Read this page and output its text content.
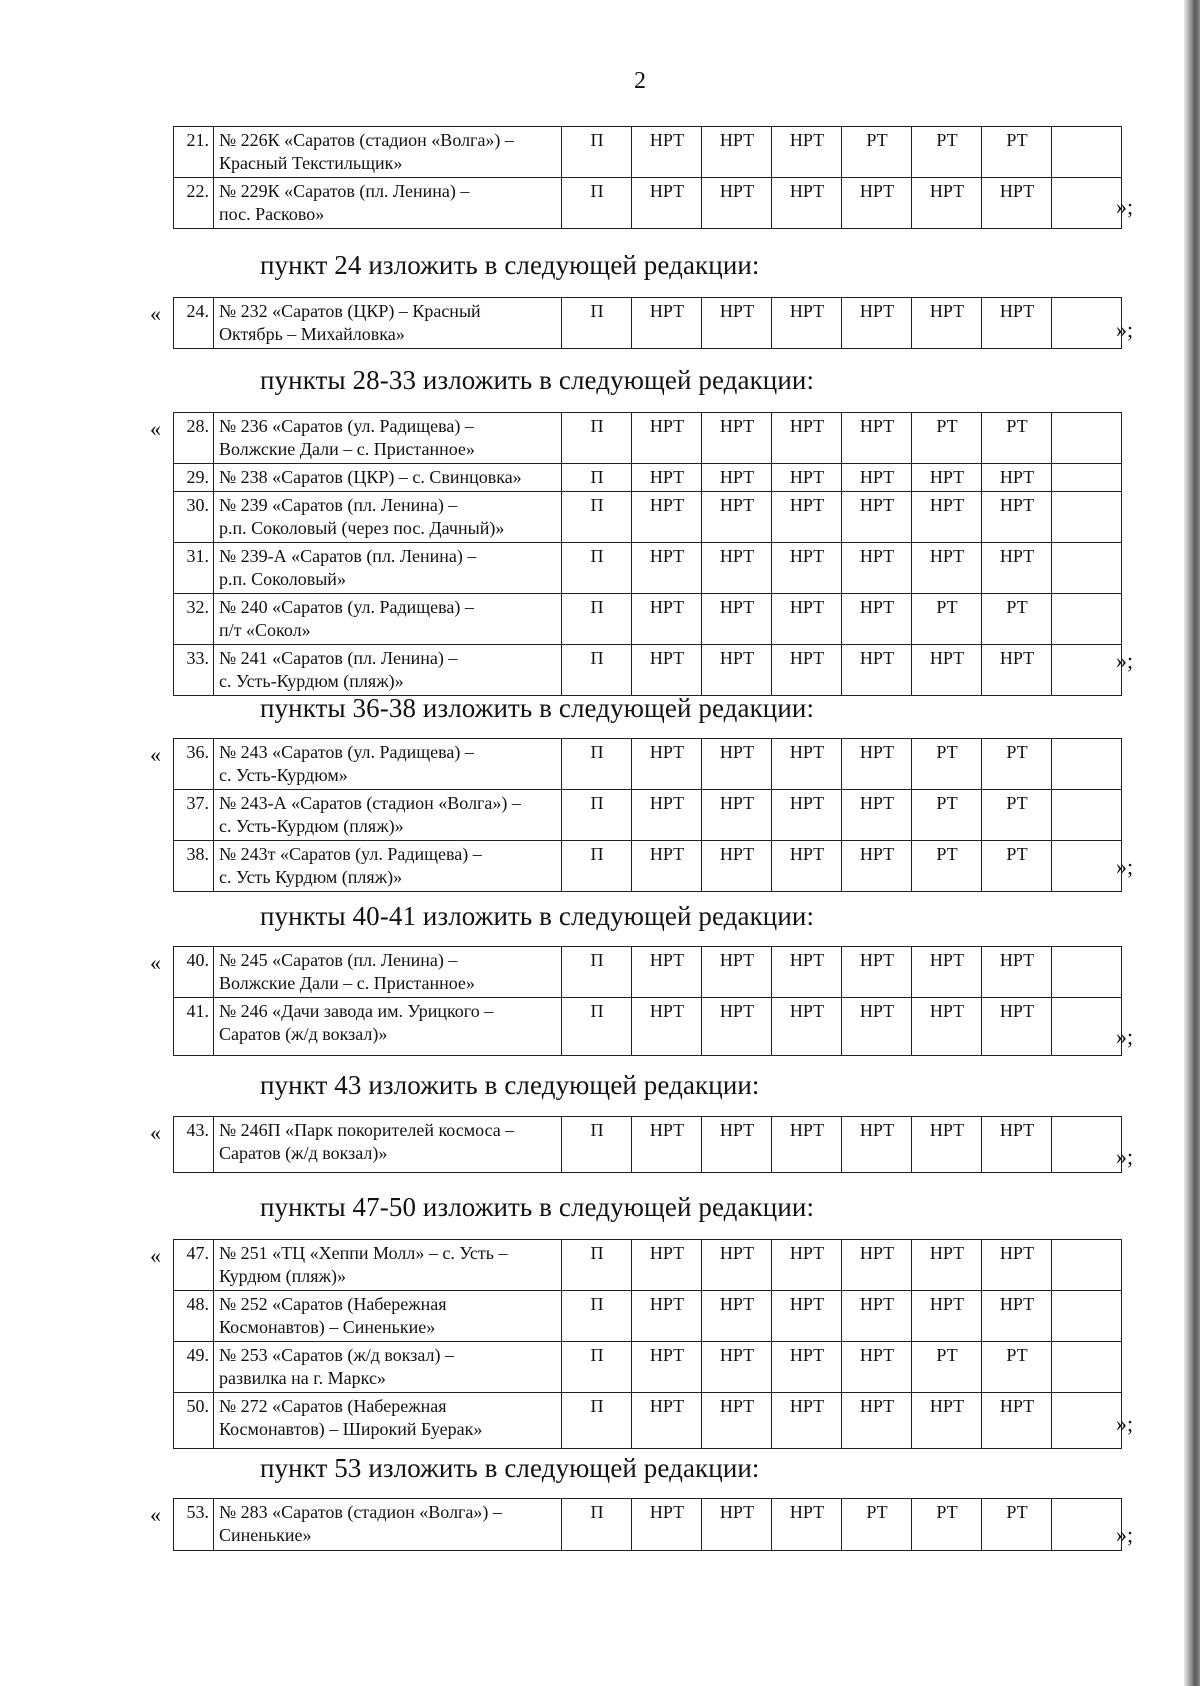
2
21.	№ 226К «Саратов (стадион «Волга») –
Красный Текстильщик»	П	НРТ	НРТ	НРТ	РТ	РТ	РТ	
22.	№ 229К «Саратов (пл. Ленина) –
пос. Расково»	П	НРТ	НРТ	НРТ	НРТ	НРТ	НРТ	
»;
пункт 24 изложить в следующей редакции:
« 24.	№ 232 «Саратов (ЦКР) – Красный
Октябрь – Михайловка»
	П	НРТ	НРТ	НРТ	НРТ	НРТ	НРТ	
»;
пункты 28-33 изложить в следующей редакции:
« 28.	№ 236 «Саратов (ул. Радищева) –
Волжские Дали – с. Пристанное»	П	НРТ	НРТ	НРТ	НРТ	РТ	РТ	
29.	№ 238 «Саратов (ЦКР) – с. Свинцовка»	П	НРТ	НРТ	НРТ	НРТ	НРТ	НРТ	
30.	№ 239 «Саратов (пл. Ленина) –
р.п. Соколовый (через пос. Дачный)»	П	НРТ	НРТ	НРТ	НРТ	НРТ	НРТ	
31.	№ 239-А «Саратов (пл. Ленина) –
р.п. Соколовый»	П	НРТ	НРТ	НРТ	НРТ	НРТ	НРТ	
32.	№ 240 «Саратов (ул. Радищева) –
п/т «Сокол»	П	НРТ	НРТ	НРТ	НРТ	РТ	РТ	
33.	№ 241 «Саратов (пл. Ленина) –
с. Усть-Курдюм (пляж)»	П	НРТ	НРТ	НРТ	НРТ	НРТ	НРТ		»;
пункты 36-38 изложить в следующей редакции:
« 36.	№ 243 «Саратов (ул. Радищева) –
с. Усть-Курдюм»	П	НРТ	НРТ	НРТ	НРТ	РТ	РТ	
37.	№ 243-А «Саратов (стадион «Волга») –
с. Усть-Курдюм (пляж)»	П	НРТ	НРТ	НРТ	НРТ	РТ	РТ	
38.	№ 243т «Саратов (ул. Радищева) –
с. Усть Курдюм (пляж)»	П	НРТ	НРТ	НРТ	НРТ	РТ	РТ		»;
пункты 40-41 изложить в следующей редакции:
« 40.	№ 245 «Саратов (пл. Ленина) –
Волжские Дали – с. Пристанное»	П	НРТ	НРТ	НРТ	НРТ	НРТ	НРТ	
41.	№ 246 «Дачи завода им. Урицкого –
Саратов (ж/д вокзал)»	П	НРТ	НРТ	НРТ	НРТ	НРТ	НРТ	
»;
пункт 43 изложить в следующей редакции:
« 43.	№ 246П «Парк покорителей космоса –
Саратов (ж/д вокзал)»
	П	НРТ	НРТ	НРТ	НРТ	НРТ	НРТ	
»;
пункты 47-50 изложить в следующей редакции:
« 47.	№ 251 «ТЦ «Хеппи Молл» – с. Усть –
Курдюм (пляж)»	П	НРТ	НРТ	НРТ	НРТ	НРТ	НРТ	
48.	№ 252 «Саратов (Набережная
Космонавтов) – Синенькие»	П	НРТ	НРТ	НРТ	НРТ	НРТ	НРТ	
49.	№ 253 «Саратов (ж/д вокзал) –
развилка на г. Маркс»	П	НРТ	НРТ	НРТ	НРТ	РТ	РТ	
50.	№ 272 «Саратов (Набережная
Космонавтов) – Широкий Буерак»	П	НРТ	НРТ	НРТ	НРТ	НРТ	НРТ	
»;
пункт 53 изложить в следующей редакции:
« 53.	№ 283 «Саратов (стадион «Волга») –
Синенькие»
	П	НРТ	НРТ	НРТ	РТ	РТ	РТ	
»;
